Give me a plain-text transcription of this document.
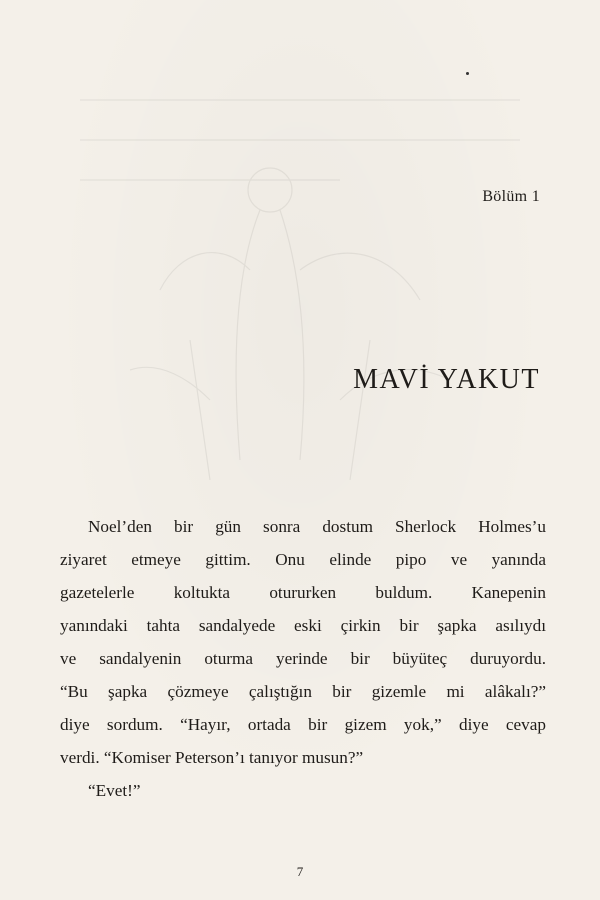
Bölüm 1
MAVİ YAKUT
Noel’den bir gün sonra dostum Sherlock Holmes’u
ziyaret etmeye gittim. Onu elinde pipo ve yanında
gazetelerle koltukta otururken buldum. Kanepenin
yanındaki tahta sandalyede eski çirkin bir şapka asılıydı
ve sandalyenin oturma yerinde bir büyüteç duruyordu.
“Bu şapka çözmeye çalıştığın bir gizemle mi alâkalı?”
diye sordum. “Hayır, ortada bir gizem yok,” diye cevap
verdi. “Komiser Peterson’ı tanıyor musun?”
“Evet!”
7
